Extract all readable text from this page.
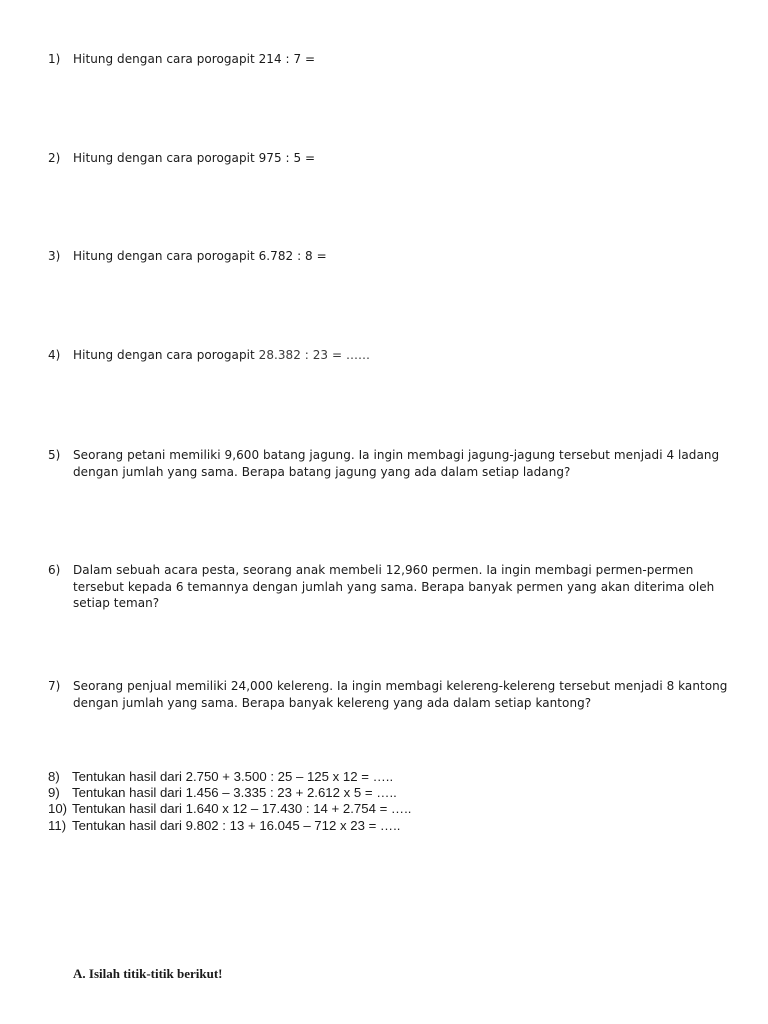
1)	Hitung dengan cara porogapit 214 : 7 =
2)	Hitung dengan cara porogapit 975 : 5 =
3)	Hitung dengan cara porogapit 6.782 : 8 =
4)	Hitung dengan cara porogapit 28.382 : 23 = ……
5)	Seorang petani memiliki 9,600 batang jagung. Ia ingin membagi jagung-jagung tersebut menjadi 4 ladang dengan jumlah yang sama. Berapa batang jagung yang ada dalam setiap ladang?
6)	Dalam sebuah acara pesta, seorang anak membeli 12,960 permen. Ia ingin membagi permen-permen tersebut kepada 6 temannya dengan jumlah yang sama. Berapa banyak permen yang akan diterima oleh setiap teman?
7)	Seorang penjual memiliki 24,000 kelereng. Ia ingin membagi kelereng-kelereng tersebut menjadi 8 kantong dengan jumlah yang sama. Berapa banyak kelereng yang ada dalam setiap kantong?
8) Tentukan hasil dari 2.750 + 3.500 : 25 – 125 x 12 = …..
9) Tentukan hasil dari 1.456 – 3.335 : 23 + 2.612 x 5 = …..
10) Tentukan hasil dari 1.640 x 12 – 17.430 : 14 + 2.754 = …..
11) Tentukan hasil dari 9.802 : 13 + 16.045 – 712 x 23 = …..
A. Isilah titik-titik berikut!
